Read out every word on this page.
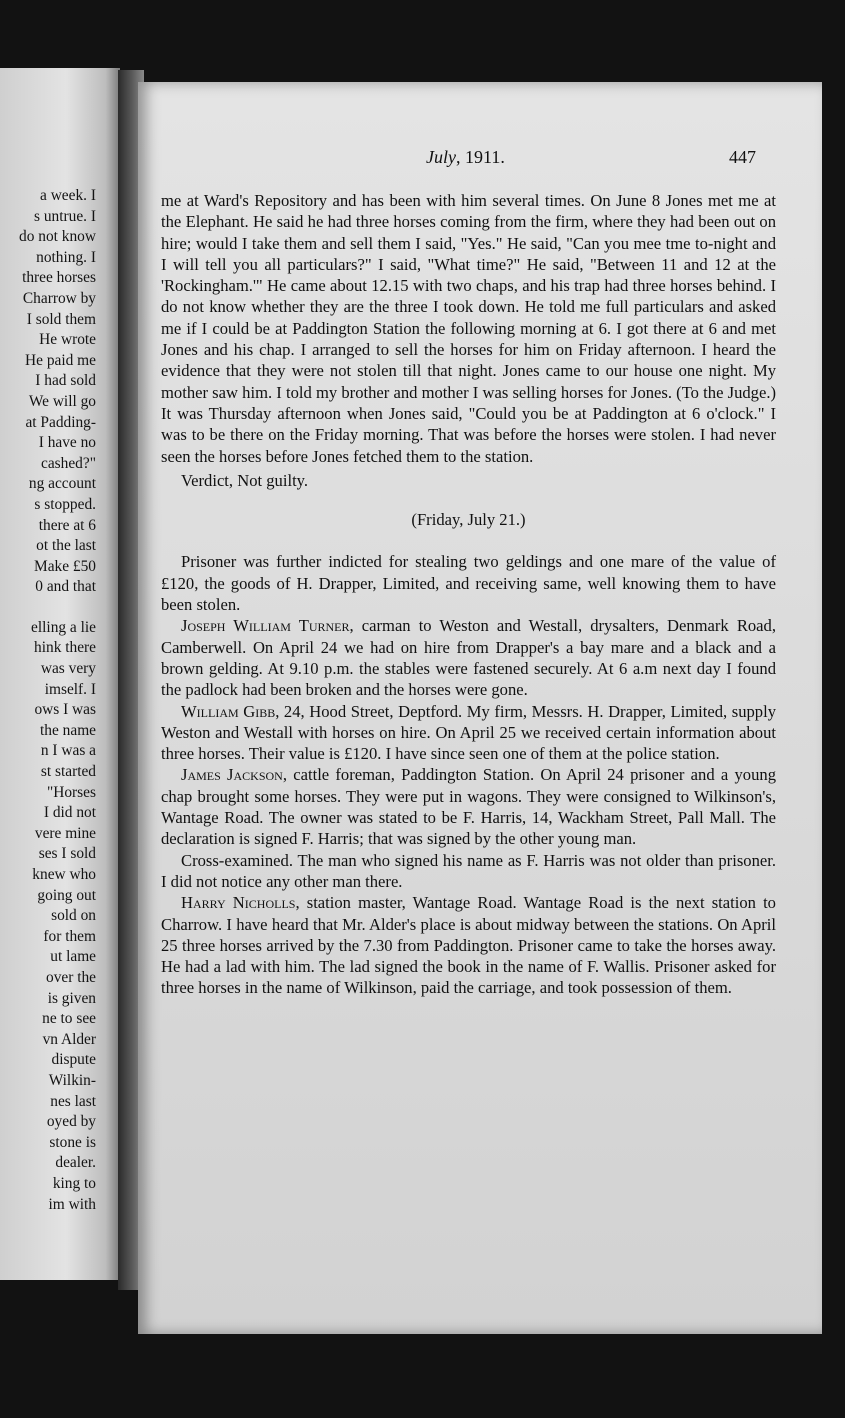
a week. I
s untrue. I
do not know
nothing. I
three horses
Charrow by
I sold them
He wrote
He paid me
I had sold
We will go
at Padding-
I have no
cashed?"
ng account
s stopped.
there at 6
ot the last
Make £50
0 and that
elling a lie
hink there
was very
imself. I
ows I was
the name
n I was a
st started
"Horses
I did not
vere mine
ses I sold
knew who
going out
sold on
for them
ut lame
over the
is given
ne to see
vn Alder
dispute
Wilkin-
nes last
oyed by
stone is
dealer.
king to
im with
July, 1911.	447

me at Ward's Repository and has been with him several times. On June 8 Jones met me at the Elephant. He said he had three horses coming from the firm, where they had been out on hire; would I take them and sell them I said, "Yes." He said, "Can you mee tme to-night and I will tell you all particulars?" I said, "What time?" He said, "Between 11 and 12 at the 'Rockingham.'" He came about 12.15 with two chaps, and his trap had three horses behind. I do not know whether they are the three I took down. He told me full particulars and asked me if I could be at Paddington Station the following morning at 6. I got there at 6 and met Jones and his chap. I arranged to sell the horses for him on Friday afternoon. I heard the evidence that they were not stolen till that night. Jones came to our house one night. My mother saw him. I told my brother and mother I was selling horses for Jones. (To the Judge.) It was Thursday afternoon when Jones said, "Could you be at Paddington at 6 o'clock." I was to be there on the Friday morning. That was before the horses were stolen. I had never seen the horses before Jones fetched them to the station.

Verdict, Not guilty.

(Friday, July 21.)

Prisoner was further indicted for stealing two geldings and one mare of the value of £120, the goods of H. Drapper, Limited, and receiving same, well knowing them to have been stolen.

Joseph William Turner, carman to Weston and Westall, drysalters, Denmark Road, Camberwell. On April 24 we had on hire from Drapper's a bay mare and a black and a brown gelding. At 9.10 p.m. the stables were fastened securely. At 6 a.m next day I found the padlock had been broken and the horses were gone.

William Gibb, 24, Hood Street, Deptford. My firm, Messrs. H. Drapper, Limited, supply Weston and Westall with horses on hire. On April 25 we received certain information about three horses. Their value is £120. I have since seen one of them at the police station.

James Jackson, cattle foreman, Paddington Station. On April 24 prisoner and a young chap brought some horses. They were put in wagons. They were consigned to Wilkinson's, Wantage Road. The owner was stated to be F. Harris, 14, Wackham Street, Pall Mall. The declaration is signed F. Harris; that was signed by the other young man.

Cross-examined. The man who signed his name as F. Harris was not older than prisoner. I did not notice any other man there.

Harry Nicholls, station master, Wantage Road. Wantage Road is the next station to Charrow. I have heard that Mr. Alder's place is about midway between the stations. On April 25 three horses arrived by the 7.30 from Paddington. Prisoner came to take the horses away. He had a lad with him. The lad signed the book in the name of F. Wallis. Prisoner asked for three horses in the name of Wilkinson, paid the carriage, and took possession of them.
